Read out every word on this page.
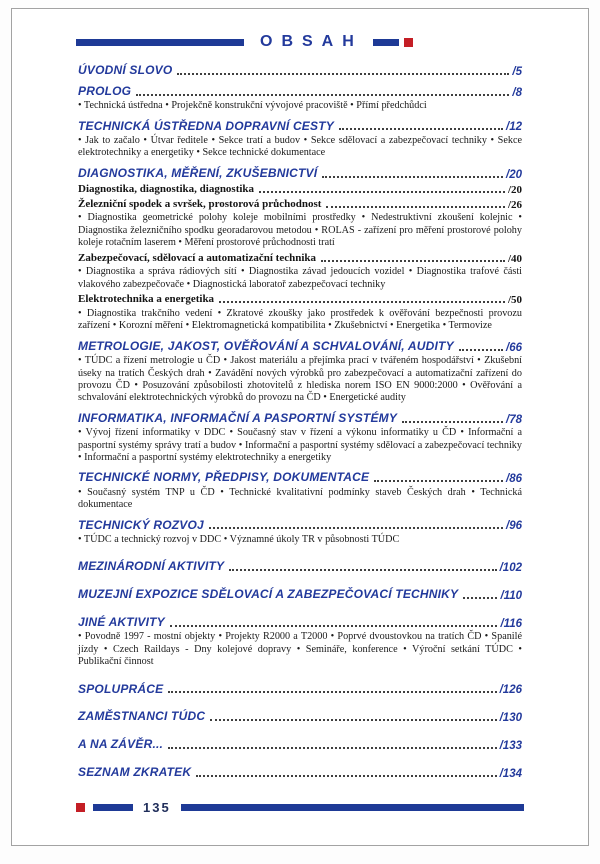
OBSAH
ÚVODNÍ SLOVO	/5
PROLOG	/8

• Technická ústředna • Projekčně konstrukční vývojové pracoviště • Přímí předchůdci

TECHNICKÁ ÚSTŘEDNA DOPRAVNÍ CESTY	/12

• Jak to začalo • Útvar ředitele • Sekce tratí a budov • Sekce sdělovací a zabezpečovací techniky • Sekce elektrotechniky a energetiky • Sekce technické dokumentace

DIAGNOSTIKA, MĚŘENÍ, ZKUŠEBNICTVÍ	/20
Diagnostika, diagnostika, diagnostika	/20
Železniční spodek a svršek, prostorová průchodnost	/26

• Diagnostika geometrické polohy koleje mobilními prostředky • Nedestruktivní zkoušení kolejnic • Diagnostika železničního spodku georadarovou metodou • ROLAS - zařízení pro měření prostorové polohy koleje rotačním laserem • Měření prostorové průchodnosti tratí

Zabezpečovací, sdělovací a automatizační technika	/40

• Diagnostika a správa rádiových sítí • Diagnostika závad jedoucích vozidel • Diagnostika trafové části vlakového zabezpečovače • Diagnostická laboratoř zabezpečovací techniky

Elektrotechnika a energetika	/50

• Diagnostika trakčního vedení • Zkratové zkoušky jako prostředek k ověřování bezpečnosti provozu zařízení • Korozní měření • Elektromagnetická kompatibilita • Zkušebnictví • Energetika • Termovize

METROLOGIE, JAKOST, OVĚŘOVÁNÍ A SCHVALOVÁNÍ, AUDITY	/66

• TÚDC a řízení metrologie u ČD • Jakost materiálu a přejímka prací v tvářeném hospodářství • Zkušební úseky na tratích Českých drah • Zavádění nových výrobků pro zabezpečovací a automatizační zařízení do provozu ČD • Posuzování způsobilosti zhotovitelů z hlediska norem ISO EN 9000:2000 • Ověřování a schvalování elektrotechnických výrobků do provozu na ČD • Energetické audity

INFORMATIKA, INFORMAČNÍ A PASPORTNÍ SYSTÉMY	/78

• Vývoj řízení informatiky v DDC • Současný stav v řízení a výkonu informatiky u ČD • Informační a pasportní systémy správy tratí a budov • Informační a pasportní systémy sdělovací a zabezpečovací techniky • Informační a pasportní systémy elektrotechniky a energetiky

TECHNICKÉ NORMY, PŘEDPISY, DOKUMENTACE	/86

• Současný systém TNP u ČD • Technické kvalitativní podmínky staveb Českých drah • Technická dokumentace

TECHNICKÝ ROZVOJ	/96

• TÚDC a technický rozvoj v DDC • Významné úkoly TR v působnosti TÚDC

MEZINÁRODNÍ AKTIVITY	/102
MUZEJNÍ EXPOZICE SDĚLOVACÍ A ZABEZPEČOVACÍ TECHNIKY	/110
JINÉ AKTIVITY	/116

• Povodně 1997 - mostní objekty • Projekty R2000 a T2000 • Poprvé dvoustovkou na tratích ČD • Spanilé jízdy • Czech Raildays - Dny kolejové dopravy • Semináře, konference • Výroční setkání TÚDC • Publikační činnost

SPOLUPRÁCE	/126
ZAMĚSTNANCI TÚDC	/130
A NA ZÁVĚR...	/133
SEZNAM ZKRATEK	/134
135
